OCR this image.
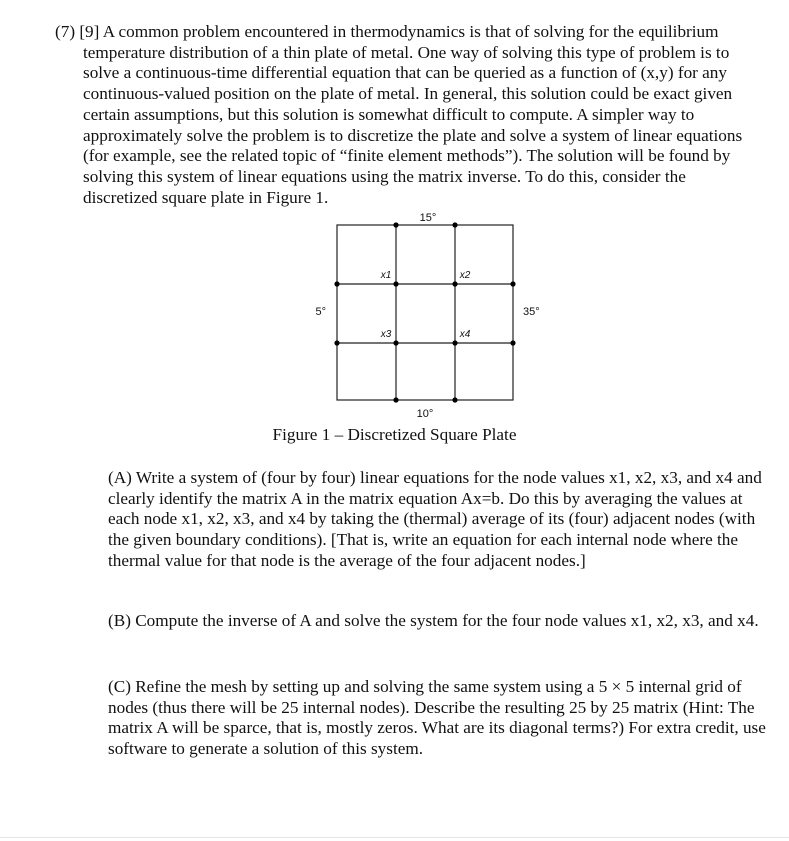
(7) [9] A common problem encountered in thermodynamics is that of solving for the equilibrium temperature distribution of a thin plate of metal. One way of solving this type of problem is to solve a continuous-time differential equation that can be queried as a function of (x,y) for any continuous-valued position on the plate of metal. In general, this solution could be exact given certain assumptions, but this solution is somewhat difficult to compute. A simpler way to approximately solve the problem is to discretize the plate and solve a system of linear equations (for example, see the related topic of “finite element methods”). The solution will be found by solving this system of linear equations using the matrix inverse. To do this, consider the discretized square plate in Figure 1.

15°
x1	x2
x3	x4
5°	35°
10°
Figure 1 – Discretized Square Plate

(A) Write a system of (four by four) linear equations for the node values x1, x2, x3, and x4 and clearly identify the matrix A in the matrix equation Ax=b. Do this by averaging the values at each node x1, x2, x3, and x4 by taking the (thermal) average of its (four) adjacent nodes (with the given boundary conditions). [That is, write an equation for each internal node where the thermal value for that node is the average of the four adjacent nodes.]

(B) Compute the inverse of A and solve the system for the four node values x1, x2, x3, and x4.

(C) Refine the mesh by setting up and solving the same system using a 5 × 5 internal grid of nodes (thus there will be 25 internal nodes). Describe the resulting 25 by 25 matrix (Hint: The matrix A will be sparce, that is, mostly zeros. What are its diagonal terms?) For extra credit, use software to generate a solution of this system.
